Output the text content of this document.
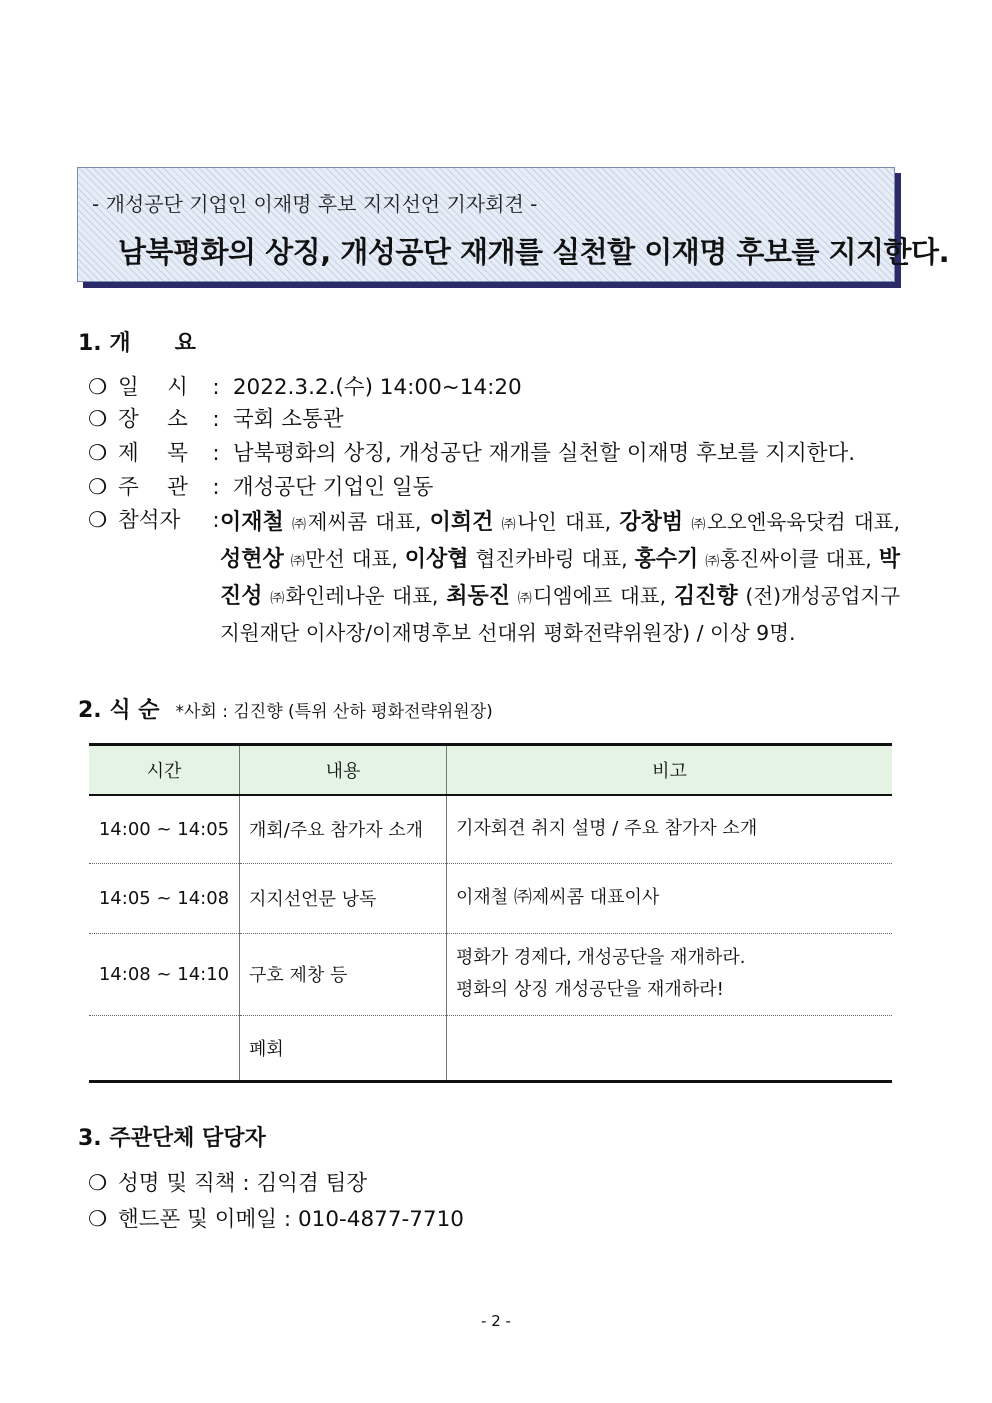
- 개성공단 기업인 이재명 후보 지지선언 기자회견 -
남북평화의 상징, 개성공단 재개를 실천할 이재명 후보를 지지한다.
1. 개　　요
❍ 일　 시 : 2022.3.2.(수) 14:00~14:20
❍ 장　 소 : 국회 소통관
❍ 제　 목 : 남북평화의 상징, 개성공단 재개를 실천할 이재명 후보를 지지한다.
❍ 주　 관 : 개성공단 기업인 일동
❍ 참석자 : 이재철 ㈜제씨콤 대표, 이희건 ㈜나인 대표, 강창범 ㈜오오엔육육닷컴 대표, 성현상 ㈜만선 대표, 이상협 협진카바링 대표, 홍수기 ㈜홍진싸이클 대표, 박진성 ㈜화인레나운 대표, 최동진 ㈜디엠에프 대표, 김진향 (전)개성공업지구지원재단 이사장/이재명후보 선대위 평화전략위원장) / 이상 9명.
2. 식 순 *사회 : 김진향 (특위 산하 평화전략위원장)
시간	내용	비고
14:00 ~ 14:05	개회/주요 참가자 소개	기자회견 취지 설명 / 주요 참가자 소개
14:05 ~ 14:08	지지선언문 낭독	이재철 ㈜제씨콤 대표이사
14:08 ~ 14:10	구호 제창 등	평화가 경제다, 개성공단을 재개하라.
평화의 상징 개성공단을 재개하라!
	폐회	
3. 주관단체 담당자
❍ 성명 및 직책 : 김익겸 팀장
❍ 핸드폰 및 이메일 : 010-4877-7710
- 2 -
